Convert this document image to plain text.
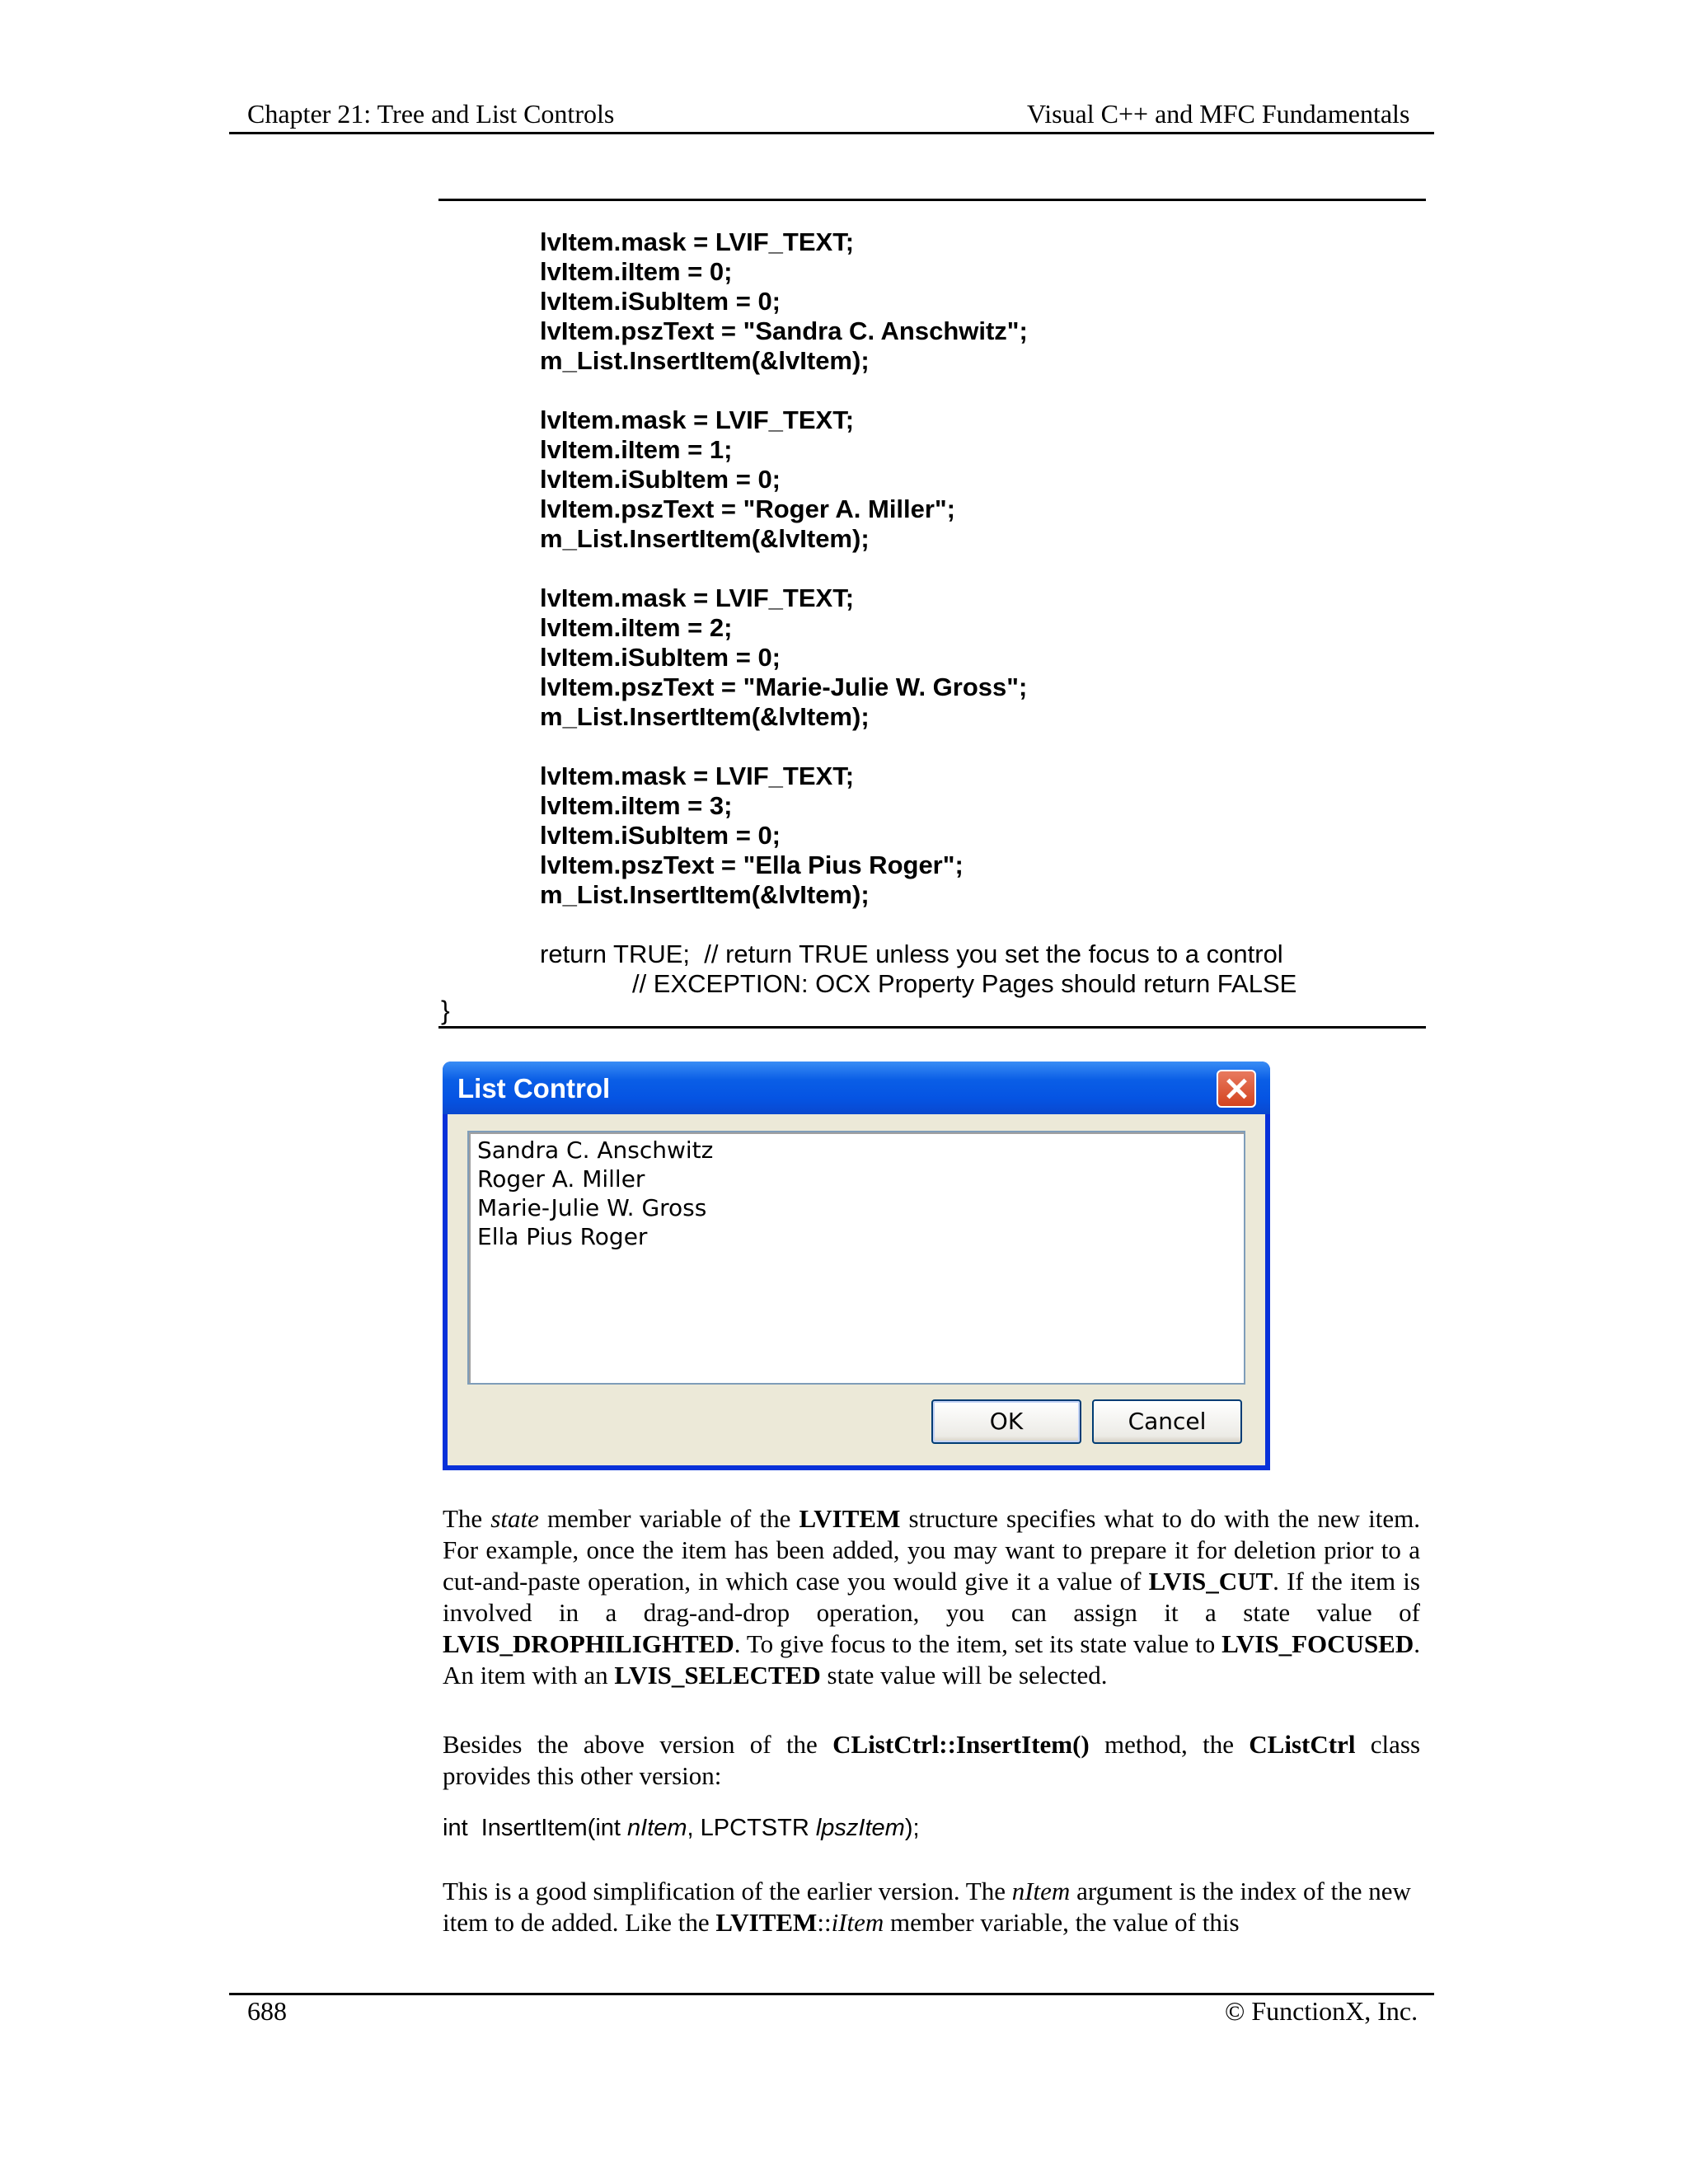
Chapter 21: Tree and List Controls	Visual C++ and MFC Fundamentals
lvItem.mask = LVIF_TEXT;
lvItem.iItem = 0;
lvItem.iSubItem = 0;
lvItem.pszText = "Sandra C. Anschwitz";
m_List.InsertItem(&lvItem);
lvItem.mask = LVIF_TEXT;
lvItem.iItem = 1;
lvItem.iSubItem = 0;
lvItem.pszText = "Roger A. Miller";
m_List.InsertItem(&lvItem);
lvItem.mask = LVIF_TEXT;
lvItem.iItem = 2;
lvItem.iSubItem = 0;
lvItem.pszText = "Marie-Julie W. Gross";
m_List.InsertItem(&lvItem);
lvItem.mask = LVIF_TEXT;
lvItem.iItem = 3;
lvItem.iSubItem = 0;
lvItem.pszText = "Ella Pius Roger";
m_List.InsertItem(&lvItem);
return TRUE;  // return TRUE unless you set the focus to a control
// EXCEPTION: OCX Property Pages should return FALSE
}
List Control
Sandra C. Anschwitz
Roger A. Miller
Marie-Julie W. Gross
Ella Pius Roger
OK	Cancel
The state member variable of the LVITEM structure specifies what to do with the new item. For example, once the item has been added, you may want to prepare it for deletion prior to a cut-and-paste operation, in which case you would give it a value of LVIS_CUT. If the item is involved in a drag-and-drop operation, you can assign it a state value of LVIS_DROPHILIGHTED. To give focus to the item, set its state value to LVIS_FOCUSED. An item with an LVIS_SELECTED state value will be selected.
Besides the above version of the CListCtrl::InsertItem() method, the CListCtrl class provides this other version:
int  InsertItem(int nItem, LPCTSTR lpszItem);
This is a good simplification of the earlier version. The nItem argument is the index of the new item to de added. Like the LVITEM::iItem member variable, the value of this
688	© FunctionX, Inc.
